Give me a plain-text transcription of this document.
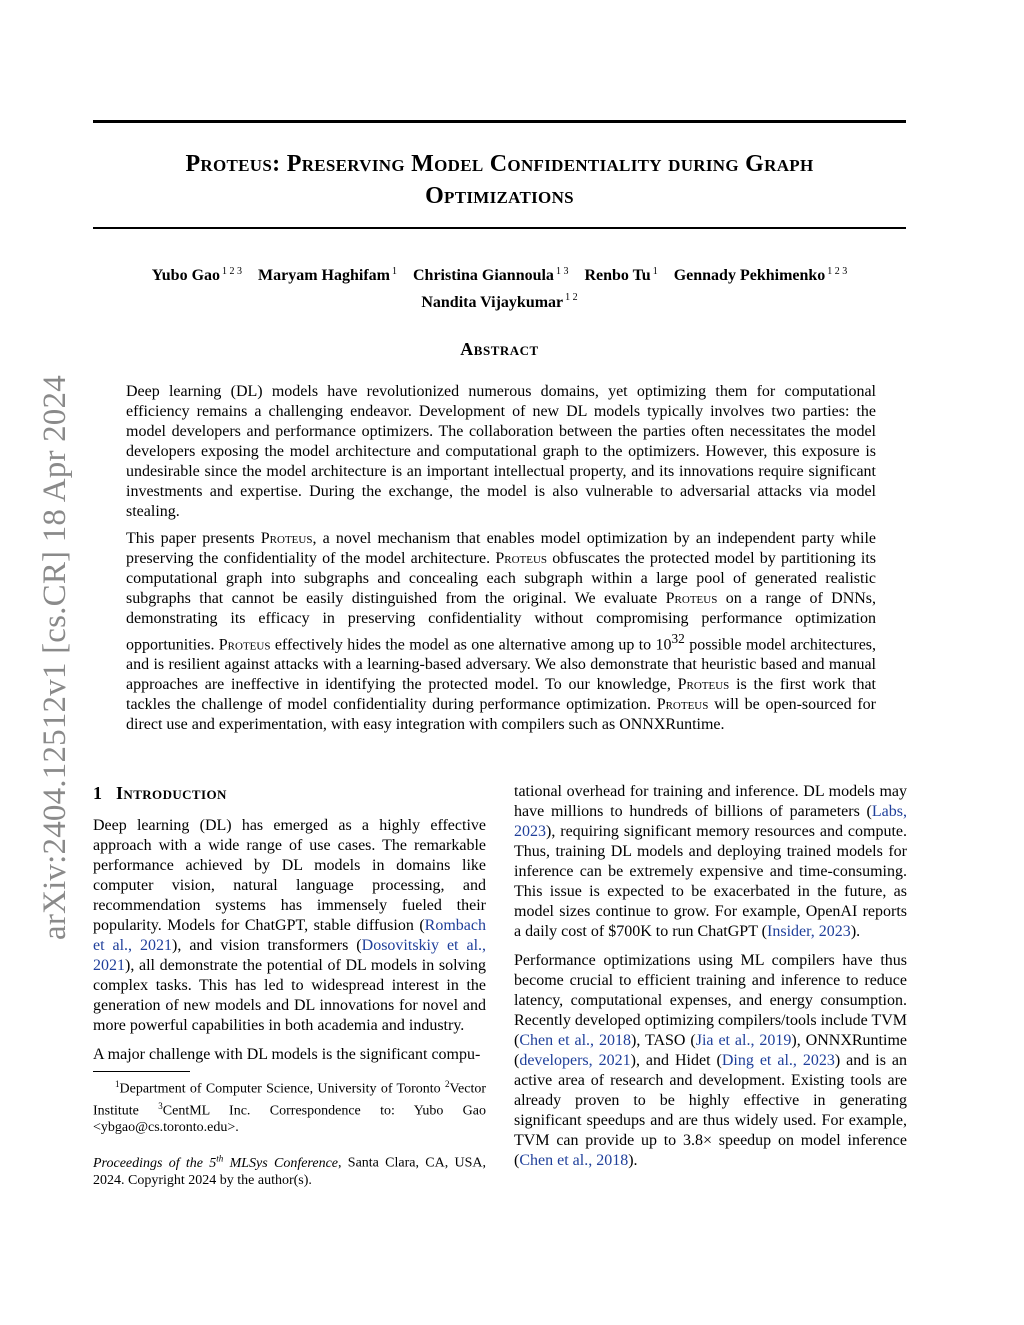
arXiv:2404.12512v1 [cs.CR] 18 Apr 2024
Proteus: Preserving Model Confidentiality during Graph
Optimizations
Yubo Gao $^{1 2 3}$ Maryam Haghifam $^1$ Christina Giannoula $^{1 3}$ Renbo Tu $^1$ Gennady Pekhimenko $^{1 2 3}$
Nandita Vijaykumar $^{1 2}$
Abstract

Deep learning (DL) models have revolutionized numerous domains, yet optimizing them for computational efficiency remains a challenging endeavor. Development of new DL models typically involves two parties: the model developers and performance optimizers. The collaboration between the parties often necessitates the model developers exposing the model architecture and computational graph to the optimizers. However, this exposure is undesirable since the model architecture is an important intellectual property, and its innovations require significant investments and expertise. During the exchange, the model is also vulnerable to adversarial attacks via model stealing.

This paper presents Proteus, a novel mechanism that enables model optimization by an independent party while preserving the confidentiality of the model architecture. Proteus obfuscates the protected model by partitioning its computational graph into subgraphs and concealing each subgraph within a large pool of generated realistic subgraphs that cannot be easily distinguished from the original. We evaluate Proteus on a range of DNNs, demonstrating its efficacy in preserving confidentiality without compromising performance optimization opportunities. Proteus effectively hides the model as one alternative among up to $10^{32}$ possible model architectures, and is resilient against attacks with a learning-based adversary. We also demonstrate that heuristic based and manual approaches are ineffective in identifying the protected model. To our knowledge, Proteus is the first work that tackles the challenge of model confidentiality during performance optimization. Proteus will be open-sourced for direct use and experimentation, with easy integration with compilers such as ONNXRuntime.

1 Introduction

Deep learning (DL) has emerged as a highly effective approach with a wide range of use cases. The remarkable performance achieved by DL models in domains like computer vision, natural language processing, and recommendation systems has immensely fueled their popularity. Models for ChatGPT, stable diffusion (Rombach et al., 2021), and vision transformers (Dosovitskiy et al., 2021), all demonstrate the potential of DL models in solving complex tasks. This has led to widespread interest in the generation of new models and DL innovations for novel and more powerful capabilities in both academia and industry.

A major challenge with DL models is the significant compu-

$^1$Department of Computer Science, University of Toronto $^2$Vector Institute $^3$CentML Inc. Correspondence to: Yubo Gao <ybgao@cs.toronto.edu>.

Proceedings of the 5th MLSys Conference, Santa Clara, CA, USA, 2024. Copyright 2024 by the author(s).

tational overhead for training and inference. DL models may have millions to hundreds of billions of parameters (Labs, 2023), requiring significant memory resources and compute. Thus, training DL models and deploying trained models for inference can be extremely expensive and time-consuming. This issue is expected to be exacerbated in the future, as model sizes continue to grow. For example, OpenAI reports a daily cost of $700K to run ChatGPT (Insider, 2023).

Performance optimizations using ML compilers have thus become crucial to efficient training and inference to reduce latency, computational expenses, and energy consumption. Recently developed optimizing compilers/tools include TVM (Chen et al., 2018), TASO (Jia et al., 2019), ONNXRuntime (developers, 2021), and Hidet (Ding et al., 2023) and is an active area of research and development. Existing tools are already proven to be highly effective in generating significant speedups and are thus widely used. For example, TVM can provide up to 3.8× speedup on model inference (Chen et al., 2018).
